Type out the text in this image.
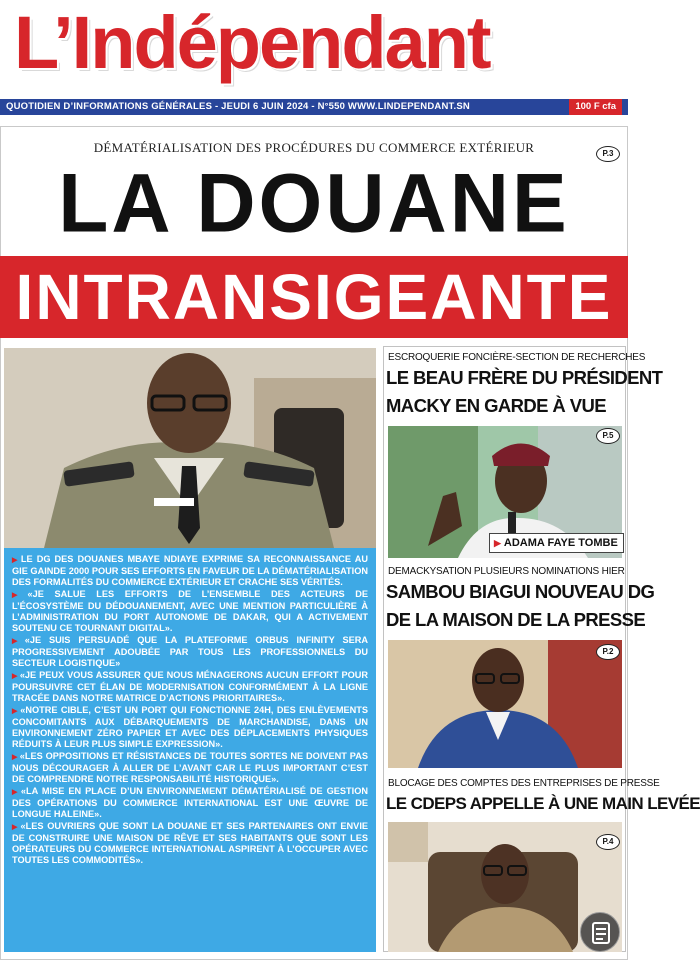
L’Indépendant
QUOTIDIEN D’INFORMATIONS GÉNÉRALES - JEUDI 6 JUIN 2024 - N°550 WWW.LINDEPENDANT.SN	100 F cfa
DÉMATÉRIALISATION DES PROCÉDURES DU COMMERCE EXTÉRIEUR	P.3
LA DOUANE
INTRANSIGEANTE

▶ LE DG DES DOUANES MBAYE NDIAYE EXPRIME SA RECONNAISSANCE AU GIE GAINDE 2000 POUR SES EFFORTS EN FAVEUR DE LA DÉMATÉRIALISATION DES FORMALITÉS DU COMMERCE EXTÉRIEUR ET CRACHE SES VÉRITÉS.

▶ «JE SALUE LES EFFORTS DE L’ENSEMBLE DES ACTEURS DE L’ÉCOSYSTÈME DU DÉDOUANEMENT, AVEC UNE MENTION PARTICULIÈRE À L’ADMINISTRATION DU PORT AUTONOME DE DAKAR, QUI A ACTIVEMENT SOUTENU CE TOURNANT DIGITAL».

▶ «JE SUIS PERSUADÉ QUE LA PLATEFORME ORBUS INFINITY SERA PROGRESSIVEMENT ADOUBÉE PAR TOUS LES PROFESSIONNELS DU SECTEUR LOGISTIQUE»

▶ «JE PEUX VOUS ASSURER QUE NOUS MÉNAGERONS AUCUN EFFORT POUR POURSUIVRE CET ÉLAN DE MODERNISATION CONFORMÉMENT À LA LIGNE TRACÉE DANS NOTRE MATRICE D’ACTIONS PRIORITAIRES».

▶ «NOTRE CIBLE, C’EST UN PORT QUI FONCTIONNE 24H, DES ENLÈVEMENTS CONCOMITANTS AUX DÉBARQUEMENTS DE MARCHANDISE, DANS UN ENVIRONNEMENT ZÉRO PAPIER ET AVEC DES DÉPLACEMENTS PHYSIQUES RÉDUITS À LEUR PLUS SIMPLE EXPRESSION».

▶ «LES OPPOSITIONS ET RÉSISTANCES DE TOUTES SORTES NE DOIVENT PAS NOUS DÉCOURAGER À ALLER DE L’AVANT CAR LE PLUS IMPORTANT C’EST DE COMPRENDRE NOTRE RESPONSABILITÉ HISTORIQUE».

▶ «LA MISE EN PLACE D’UN ENVIRONNEMENT DÉMATÉRIALISÉ DE GESTION DES OPÉRATIONS DU COMMERCE INTERNATIONAL EST UNE ŒUVRE DE LONGUE HALEINE».

▶ «LES OUVRIERS QUE SONT LA DOUANE ET SES PARTENAIRES ONT ENVIE DE CONSTRUIRE UNE MAISON DE RÊVE ET SES HABITANTS QUE SONT LES OPÉRATEURS DU COMMERCE INTERNATIONAL ASPIRENT À L’OCCUPER AVEC TOUTES LES COMMODITÉS».

ESCROQUERIE FONCIÈRE-SECTION DE RECHERCHES
LE BEAU FRÈRE DU PRÉSIDENT
MACKY EN GARDE À VUE
P.5
▶ ADAMA FAYE TOMBE
DEMACKYSATION PLUSIEURS NOMINATIONS HIER
SAMBOU BIAGUI NOUVEAU DG
DE LA MAISON DE LA PRESSE
P.2
BLOCAGE DES COMPTES DES ENTREPRISES DE PRESSE
LE CDEPS APPELLE À UNE MAIN LEVÉE
P.4
